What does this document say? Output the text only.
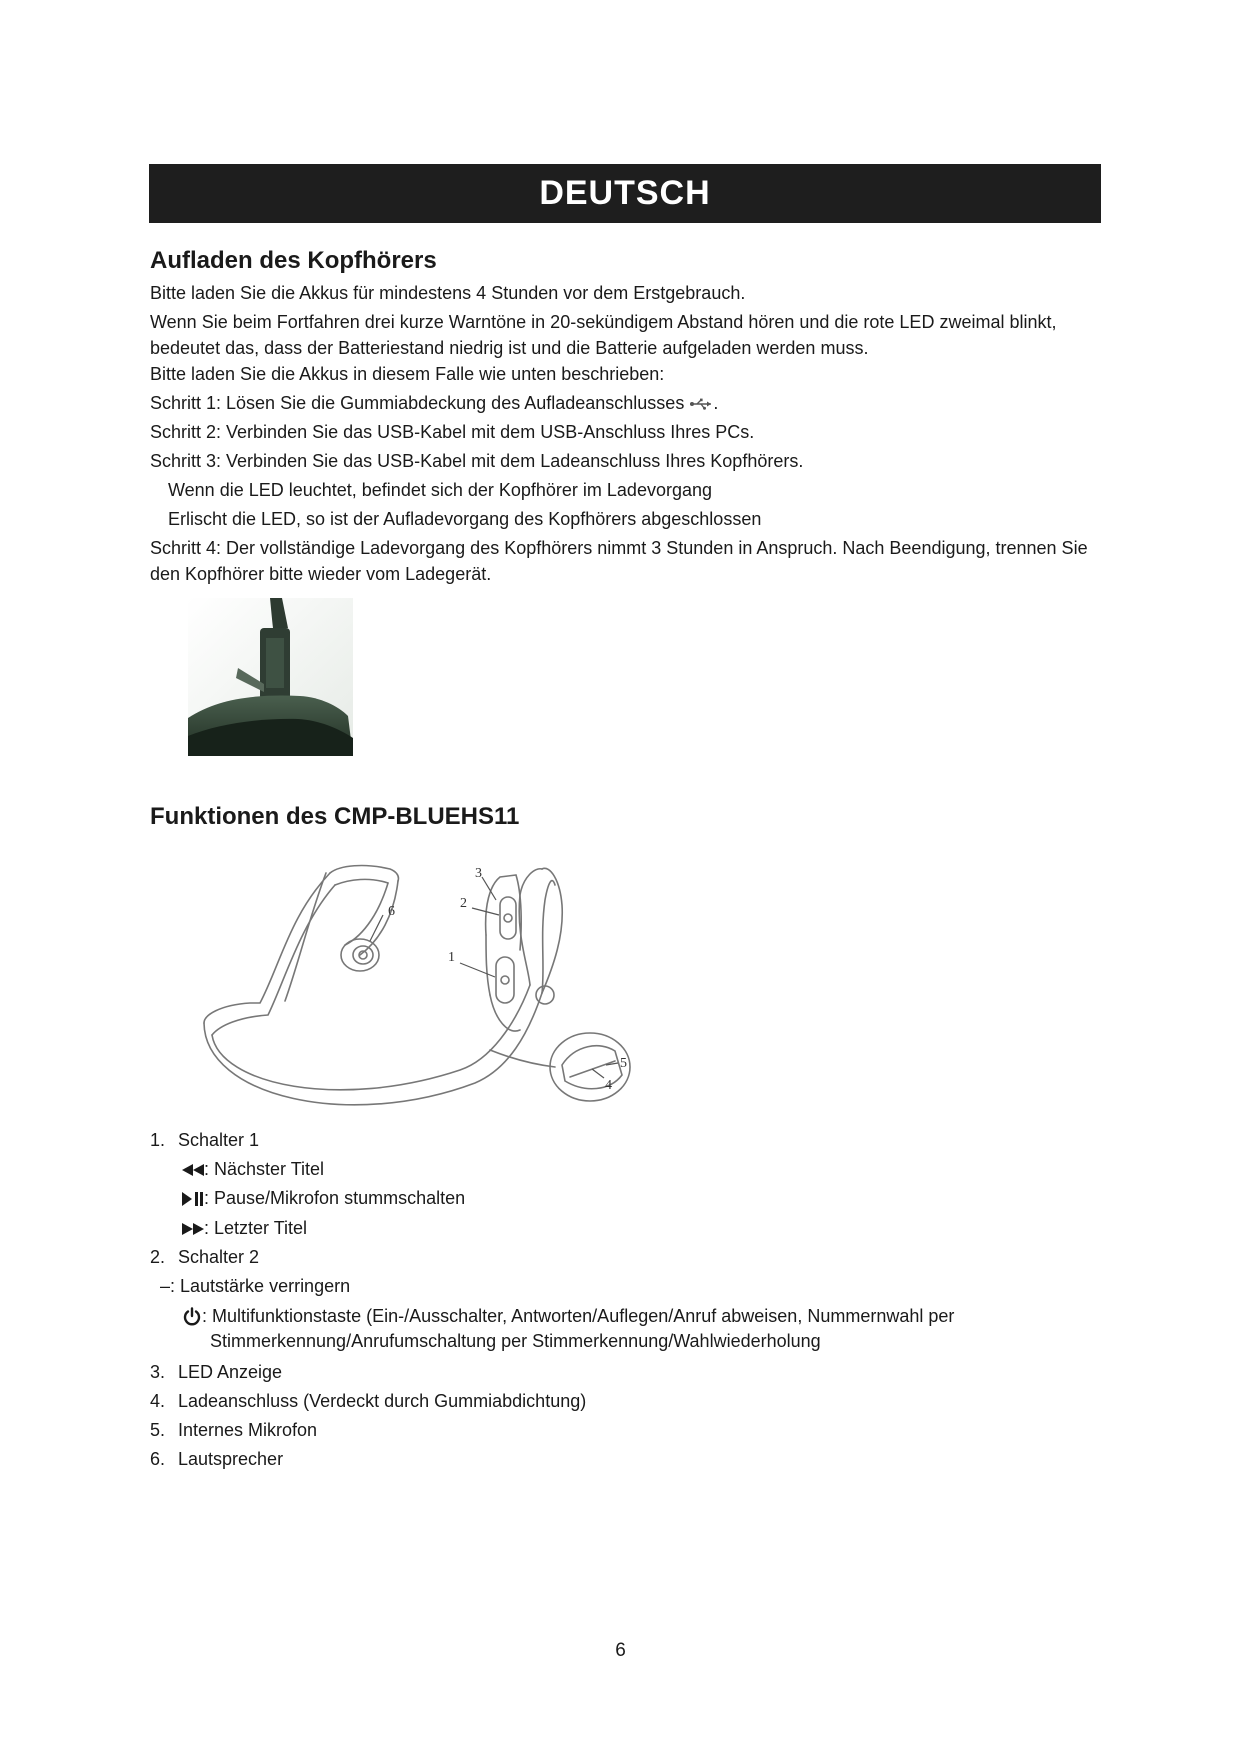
DEUTSCH
Aufladen des Kopfhörers

Bitte laden Sie die Akkus für mindestens 4 Stunden vor dem Erstgebrauch.

Wenn Sie beim Fortfahren drei kurze Warntöne in 20-sekündigem Abstand hören und die rote LED zweimal blinkt, bedeutet das, dass der Batteriestand niedrig ist und die Batterie aufgeladen werden muss.

Bitte laden Sie die Akkus in diesem Falle wie unten beschrieben:

Schritt 1: Lösen Sie die Gummiabdeckung des Aufladeanschlusses .

Schritt 2: Verbinden Sie das USB-Kabel mit dem USB-Anschluss Ihres PCs.

Schritt 3: Verbinden Sie das USB-Kabel mit dem Ladeanschluss Ihres Kopfhörers.

Wenn die LED leuchtet, befindet sich der Kopfhörer im Ladevorgang

Erlischt die LED, so ist der Aufladevorgang des Kopfhörers abgeschlossen

Schritt 4: Der vollständige Ladevorgang des Kopfhörers nimmt 3 Stunden in Anspruch. Nach Beendigung, trennen Sie den Kopfhörer bitte wieder vom Ladegerät.

Funktionen des CMP-BLUEHS11
6
2
3
1
4
5
1. Schalter 1
: Nächster Titel
: Pause/Mikrofon stummschalten
: Letzter Titel
2. Schalter 2
–: Lautstärke verringern
: Multifunktionstaste (Ein-/Ausschalter, Antworten/Auflegen/Anruf abweisen, Nummernwahl per
Stimmerkennung/Anrufumschaltung per Stimmerkennung/Wahlwiederholung
3. LED Anzeige
4. Ladeanschluss (Verdeckt durch Gummiabdichtung)
5. Internes Mikrofon
6. Lautsprecher
6
